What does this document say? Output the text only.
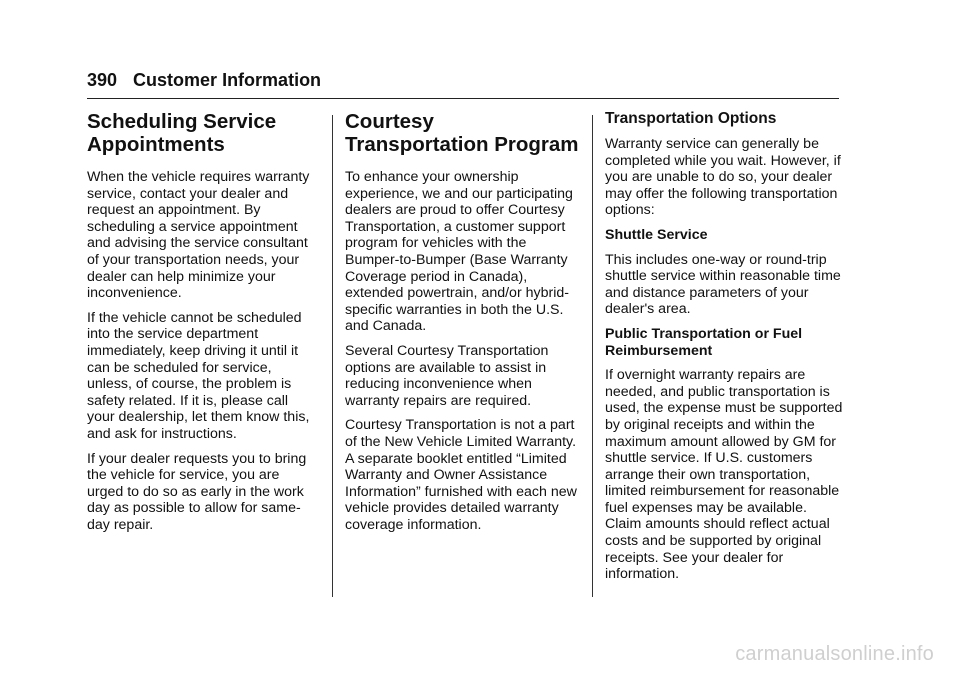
390 Customer Information
Scheduling Service Appointments

When the vehicle requires warranty service, contact your dealer and request an appointment. By scheduling a service appointment and advising the service consultant of your transportation needs, your dealer can help minimize your inconvenience.

If the vehicle cannot be scheduled into the service department immediately, keep driving it until it can be scheduled for service, unless, of course, the problem is safety related. If it is, please call your dealership, let them know this, and ask for instructions.

If your dealer requests you to bring the vehicle for service, you are urged to do so as early in the work day as possible to allow for same-day repair.

Courtesy Transportation Program

To enhance your ownership experience, we and our participating dealers are proud to offer Courtesy Transportation, a customer support program for vehicles with the Bumper-to-Bumper (Base Warranty Coverage period in Canada), extended powertrain, and/or hybrid-specific warranties in both the U.S. and Canada.

Several Courtesy Transportation options are available to assist in reducing inconvenience when warranty repairs are required.

Courtesy Transportation is not a part of the New Vehicle Limited Warranty. A separate booklet entitled “Limited Warranty and Owner Assistance Information” furnished with each new vehicle provides detailed warranty coverage information.

Transportation Options

Warranty service can generally be completed while you wait. However, if you are unable to do so, your dealer may offer the following transportation options:

Shuttle Service

This includes one-way or round-trip shuttle service within reasonable time and distance parameters of your dealer's area.

Public Transportation or Fuel Reimbursement

If overnight warranty repairs are needed, and public transportation is used, the expense must be supported by original receipts and within the maximum amount allowed by GM for shuttle service. If U.S. customers arrange their own transportation, limited reimbursement for reasonable fuel expenses may be available. Claim amounts should reflect actual costs and be supported by original receipts. See your dealer for information.

carmanualsonline.info
